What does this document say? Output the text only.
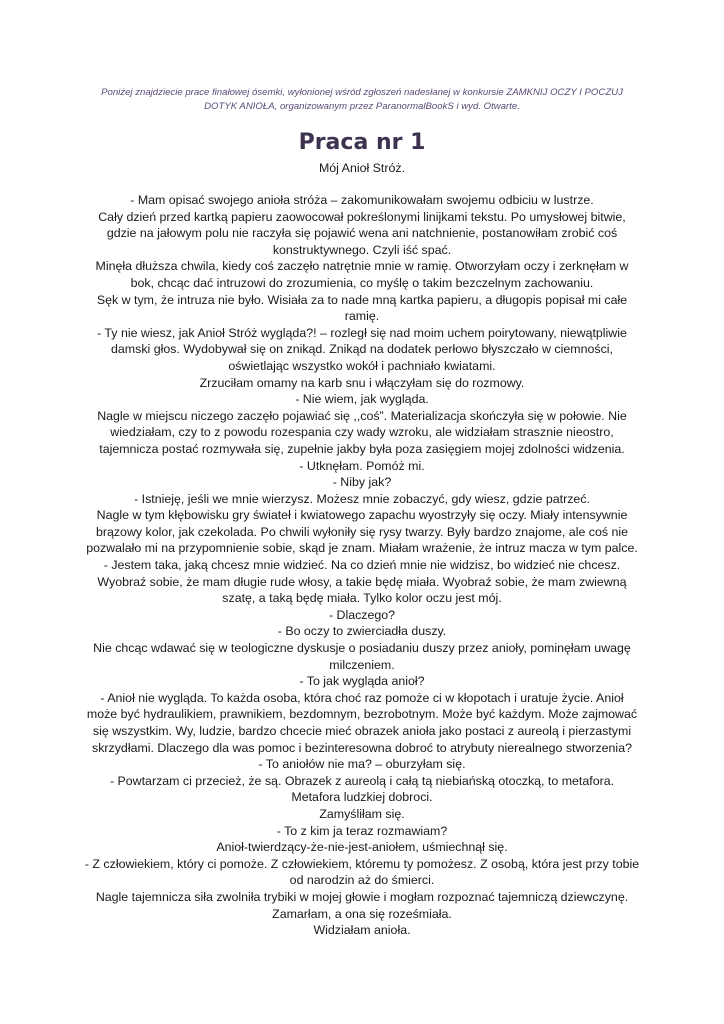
Poniżej znajdziecie prace finałowej ósemki, wyłonionej wśród zgłoszeń nadesłanej w konkursie ZAMKNIJ OCZY I POCZUJ DOTYK ANIOŁA, organizowanym przez ParanormalBookS i wyd. Otwarte.
Praca nr 1
Mój Anioł Stróż.

- Mam opisać swojego anioła stróża – zakomunikowałam swojemu odbiciu w lustrze.

Cały dzień przed kartką papieru zaowocował pokreślonymi linijkami tekstu. Po umysłowej bitwie, gdzie na jałowym polu nie raczyła się pojawić wena ani natchnienie, postanowiłam zrobić coś konstruktywnego. Czyli iść spać.

Minęła dłuższa chwila, kiedy coś zaczęło natrętnie mnie w ramię. Otworzyłam oczy i zerknęłam w bok, chcąc dać intruzowi do zrozumienia, co myślę o takim bezczelnym zachowaniu.

Sęk w tym, że intruza nie było. Wisiała za to nade mną kartka papieru, a długopis popisał mi całe ramię.

- Ty nie wiesz, jak Anioł Stróż wygląda?! – rozległ się nad moim uchem poirytowany, niewątpliwie damski głos. Wydobywał się on znikąd. Znikąd na dodatek perłowo błyszczało w ciemności, oświetlając wszystko wokół i pachniało kwiatami.

Zrzuciłam omamy na karb snu i włączyłam się do rozmowy.

- Nie wiem, jak wygląda.

Nagle w miejscu niczego zaczęło pojawiać się ,,coś”. Materializacja skończyła się w połowie. Nie wiedziałam, czy to z powodu rozespania czy wady wzroku, ale widziałam strasznie nieostro, tajemnicza postać rozmywała się, zupełnie jakby była poza zasięgiem mojej zdolności widzenia.

- Utknęłam. Pomóż mi.

- Niby jak?

- Istnieję, jeśli we mnie wierzysz. Możesz mnie zobaczyć, gdy wiesz, gdzie patrzeć.

Nagle w tym kłębowisku gry świateł i kwiatowego zapachu wyostrzyły się oczy. Miały intensywnie brązowy kolor, jak czekolada. Po chwili wyłoniły się rysy twarzy. Były bardzo znajome, ale coś nie pozwalało mi na przypomnienie sobie, skąd je znam. Miałam wrażenie, że intruz macza w tym palce.

- Jestem taka, jaką chcesz mnie widzieć. Na co dzień mnie nie widzisz, bo widzieć nie chcesz. Wyobraź sobie, że mam długie rude włosy, a takie będę miała. Wyobraź sobie, że mam zwiewną szatę, a taką będę miała. Tylko kolor oczu jest mój.

- Dlaczego?

- Bo oczy to zwierciadła duszy.

Nie chcąc wdawać się w teologiczne dyskusje o posiadaniu duszy przez anioły, pominęłam uwagę milczeniem.

- To jak wygląda anioł?

- Anioł nie wygląda. To każda osoba, która choć raz pomoże ci w kłopotach i uratuje życie. Anioł może być hydraulikiem, prawnikiem, bezdomnym, bezrobotnym. Może być każdym. Może zajmować się wszystkim. Wy, ludzie, bardzo chcecie mieć obrazek anioła jako postaci z aureolą i pierzastymi skrzydłami. Dlaczego dla was pomoc i bezinteresowna dobroć to atrybuty nierealnego stworzenia?

- To aniołów nie ma? – oburzyłam się.

- Powtarzam ci przecież, że są. Obrazek z aureolą i całą tą niebiańską otoczką, to metafora. Metafora ludzkiej dobroci.

Zamyśliłam się.

- To z kim ja teraz rozmawiam?

Anioł-twierdzący-że-nie-jest-aniołem, uśmiechnął się.

- Z człowiekiem, który ci pomoże. Z człowiekiem, któremu ty pomożesz. Z osobą, która jest przy tobie od narodzin aż do śmierci.

Nagle tajemnicza siła zwolniła trybiki w mojej głowie i mogłam rozpoznać tajemniczą dziewczynę. Zamarłam, a ona się roześmiała.

Widziałam anioła.
